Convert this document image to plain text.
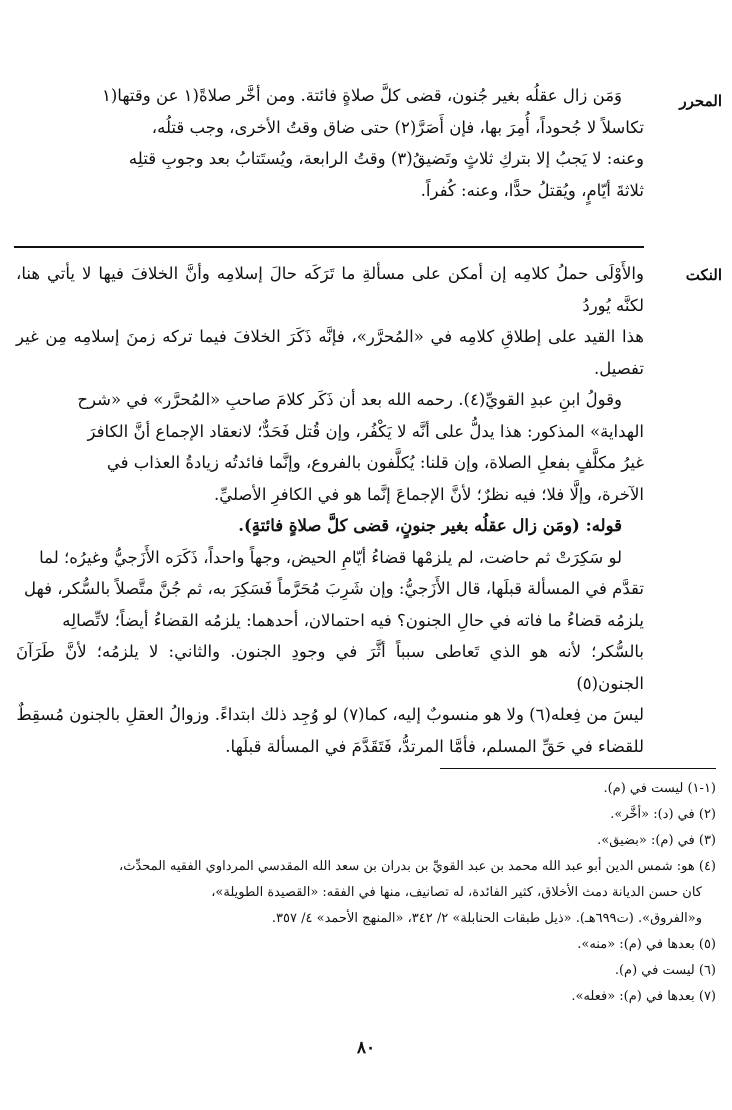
المحرر

وَمَن زال عقلُه بغير جُنون، قضى كلَّ صلاةٍ فائتة. ومن أخَّر صلاةً(١ عن وقتها(١

تكاسلاً لا جُحوداً، أُمِرَ بها، فإن أَصَرَّ(٢) حتى ضاق وقتُ الأخرى، وجب قتلُه،

وعنه: لا يَجبُ إلا بتركِ ثلاثٍ وتَضيقُ(٣) وقتُ الرابعة، ويُستَتابُ بعد وجوبِ قتلِه

ثلاثةَ أيّامٍ، ويُقتلُ حدًّا، وعنه: كُفراً.

النكت

والأَوْلَى حملُ كلامِه إن أمكن على مسألةِ ما تَرَكَه حالَ إسلامِه وأنَّ الخلافَ فيها لا يأتي هنا، لكنَّه يُوردُ

هذا القيد على إطلاقِ كلامِه في «المُحرَّر»، فإنَّه ذَكَرَ الخلافَ فيما تركه زمنَ إسلامِه مِن غير تفصيل.

وقولُ ابنِ عبدِ القويِّ(٤). رحمه الله بعد أن ذَكَر كلامَ صاحبِ «المُحرَّر» في «شرح

الهداية» المذكور: هذا يدلُّ على أنَّه لا يَكْفُر، وإن قُتل فَحَدٌّ؛ لانعقاد الإجماع أنَّ الكافرَ

غيرُ مكلَّفٍ بفعلِ الصلاة، وإن قلنا: يُكلَّفون بالفروع، وإنَّما فائدتُه زيادةُ العذاب في

الآخرة، وإلَّا فلا؛ فيه نظرٌ؛ لأنَّ الإجماعَ إنَّما هو في الكافرِ الأصليِّ.

قوله: (ومَن زال عقلُه بغير جنونٍ، قضى كلَّ صلاةٍ فائتةٍ).

لو سَكِرَتْ ثم حاضت، لم يلزمْها قضاءُ أيّامِ الحيض، وجهاً واحداً، ذَكَرَه الأَزَجيُّ وغيرُه؛ لما

تقدَّم في المسألة قبلَها، قال الأَزَجيُّ: وإن شَرِبَ مُحَرَّماً فَسَكِرَ به، ثم جُنَّ متَّصلاً بالسُّكر، فهل

يلزمُه قضاءُ ما فاته في حالِ الجنون؟ فيه احتمالان، أحدهما: يلزمُه القضاءُ أيضاً؛ لاتِّصالِه

بالسُّكر؛ لأنه هو الذي تَعاطى سبباً أثَّرَ في وجودِ الجنون. والثاني: لا يلزمُه؛ لأنَّ طَرَآنَ الجنون(٥)

ليسَ من فِعله(٦) ولا هو منسوبٌ إليه، كما(٧) لو وُجِد ذلك ابتداءً. وزوالُ العقلِ بالجنون مُسقِطٌ

للقضاء في حَقِّ المسلم، فأمَّا المرتدُّ، فَتَقَدَّمَ في المسألة قبلَها.

(١-١) ليست في (م).

(٢) في (د): «أخَّر».

(٣) في (م): «بضيق».

(٤) هو: شمس الدين أبو عبد الله محمد بن عبد القويِّ بن بدران بن سعد الله المقدسي المرداوي الفقيه المحدِّث،

كان حسن الديانة دمث الأخلاق، كثير الفائدة، له تصانيف، منها في الفقه: «القصيدة الطويلة»،

و«الفروق». (ت٦٩٩هـ). «ذيل طبقات الحنابلة» ٢/ ٣٤٢، «المنهج الأحمد» ٤/ ٣٥٧.

(٥) بعدها في (م): «منه».

(٦) ليست في (م).

(٧) بعدها في (م): «فعله».

٨٠
